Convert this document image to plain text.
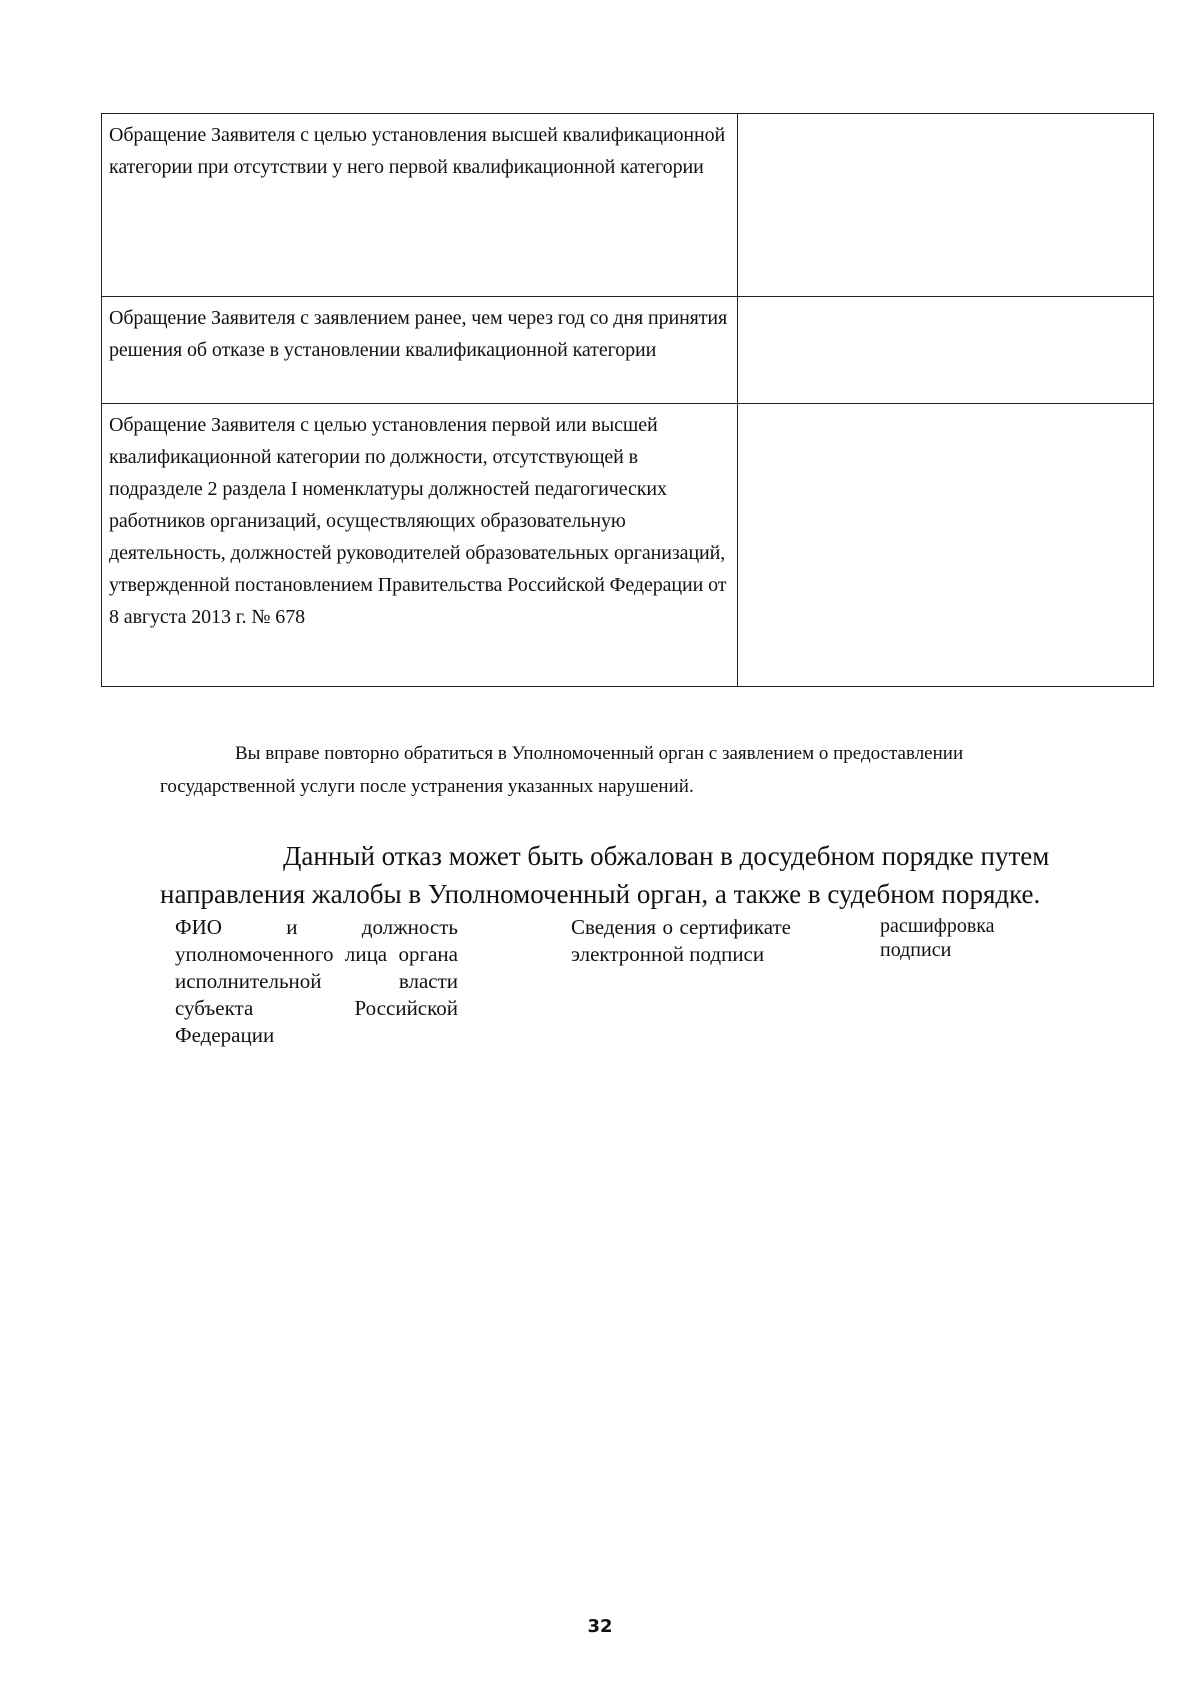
Обращение Заявителя с целью установления высшей квалификационной категории при отсутствии у него первой квалификационной категории	
Обращение Заявителя с заявлением ранее, чем через год со дня принятия решения об отказе в установлении квалификационной категории	
Обращение Заявителя с целью установления первой или высшей квалификационной категории по должности, отсутствующей в подразделе 2 раздела I номенклатуры должностей педагогических работников организаций, осуществляющих образовательную деятельность, должностей руководителей образовательных организаций, утвержденной постановлением Правительства Российской Федерации от 8 августа 2013 г. № 678	

Вы вправе повторно обратиться в Уполномоченный орган с заявлением о предоставлении государственной услуги после устранения указанных нарушений.

Данный отказ может быть обжалован в досудебном порядке путем направления жалобы в Уполномоченный орган, а также в судебном порядке.

ФИО и должность уполномоченного лица органа исполнительной власти субъекта Российской Федерации
Сведения о сертификате электронной подписи
расшифровка подписи
32
